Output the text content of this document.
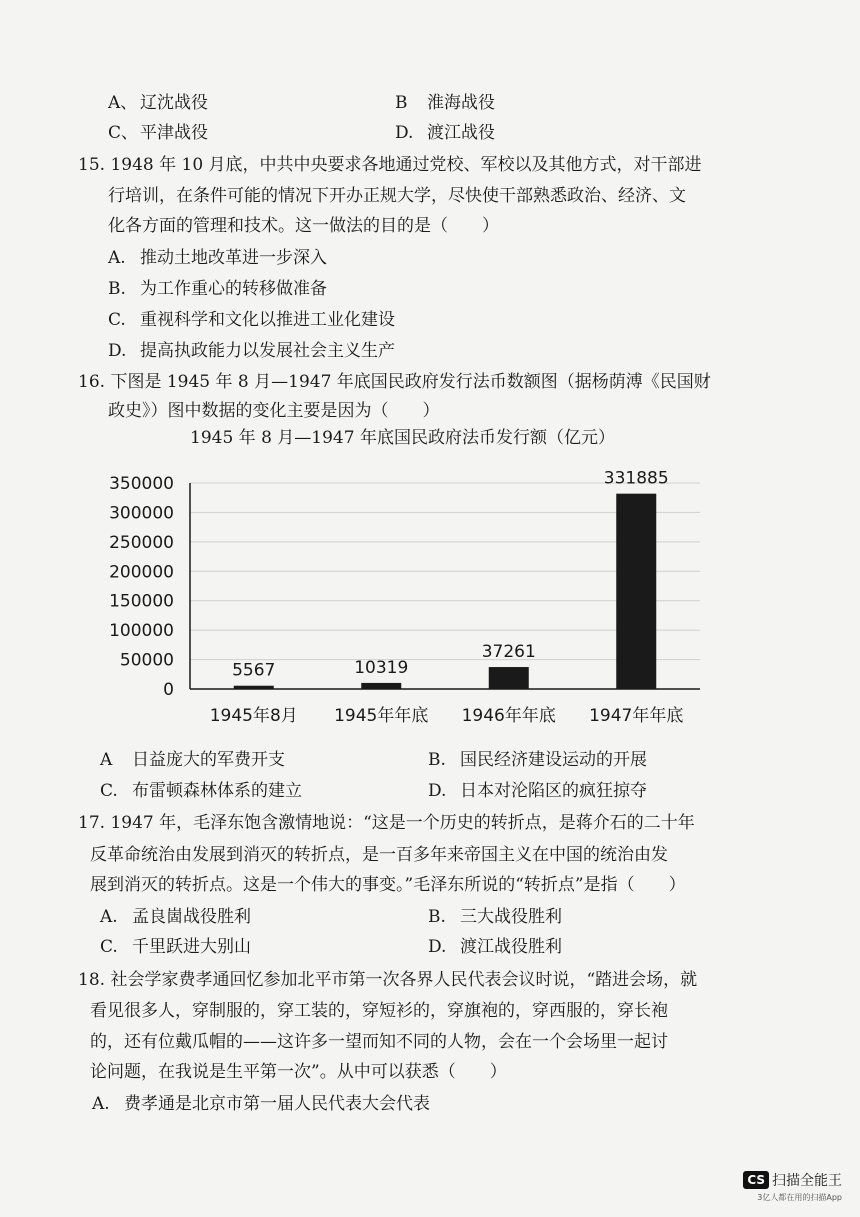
A、 辽沈战役	B 淮海战役
C、 平津战役	D. 渡江战役
15. 1948 年 10 月底，中共中央要求各地通过党校、军校以及其他方式，对干部进
行培训，在条件可能的情况下开办正规大学，尽快使干部熟悉政治、经济、文
化各方面的管理和技术。这一做法的目的是（　　）
A. 推动土地改革进一步深入
B. 为工作重心的转移做准备
C. 重视科学和文化以推进工业化建设
D. 提高执政能力以发展社会主义生产
16. 下图是 1945 年 8 月—1947 年底国民政府发行法币数额图（据杨荫溥《民国财
政史》）图中数据的变化主要是因为（　　）
1945 年 8 月—1947 年底国民政府法币发行额（亿元）
0
50000
100000
150000
200000
250000
300000
350000
5567
1945年8月
10319
1945年年底
37261
1946年年底
331885
1947年年底
A 日益庞大的军费开支	B. 国民经济建设运动的开展
C. 布雷顿森林体系的建立	D. 日本对沦陷区的疯狂掠夺
17. 1947 年，毛泽东饱含激情地说：“这是一个历史的转折点，是蒋介石的二十年
反革命统治由发展到消灭的转折点，是一百多年来帝国主义在中国的统治由发
展到消灭的转折点。这是一个伟大的事变。”毛泽东所说的“转折点”是指（　　）
A. 孟良崮战役胜利	B. 三大战役胜利
C. 千里跃进大别山	D. 渡江战役胜利
18. 社会学家费孝通回忆参加北平市第一次各界人民代表会议时说，“踏进会场，就
看见很多人，穿制服的，穿工装的，穿短衫的，穿旗袍的，穿西服的，穿长袍
的，还有位戴瓜帽的——这许多一望而知不同的人物，会在一个会场里一起讨
论问题，在我说是生平第一次”。从中可以获悉（　　）
A. 费孝通是北京市第一届人民代表大会代表
CS 扫描全能王
3亿人都在用的扫描App
